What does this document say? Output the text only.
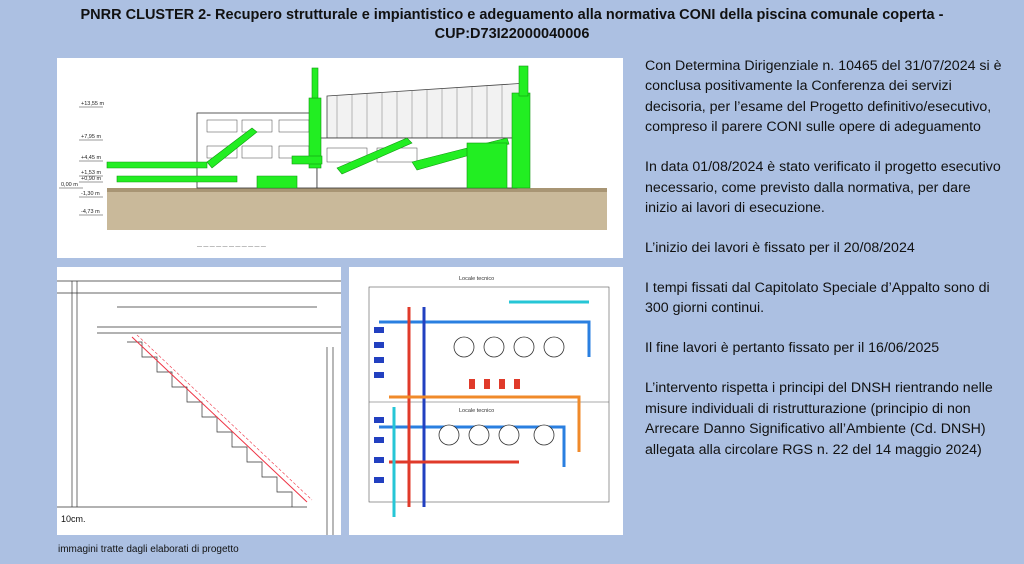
PNRR CLUSTER 2- Recupero strutturale e impiantistico e adeguamento alla normativa CONI della piscina comunale coperta -
CUP:D73I22000040006
+13,55 m
+7,95 m
+4,45 m
+1,53 m
+0,90 m
0,00 m
-1,30 m
-4,73 m
— — — — — — — — — — —
10cm.
Locale tecnico
Locale tecnico
immagini tratte dagli elaborati di progetto

Con Determina Dirigenziale n. 10465 del 31/07/2024 si è conclusa positivamente la Conferenza dei servizi decisoria, per l’esame del Progetto definitivo/esecutivo, compreso il parere CONI sulle opere di adeguamento

In data 01/08/2024 è stato verificato il progetto esecutivo necessario, come previsto dalla normativa, per dare inizio ai lavori di esecuzione.

L’inizio dei lavori è fissato per il 20/08/2024

I tempi fissati dal Capitolato Speciale d’Appalto sono di 300 giorni continui.

Il fine lavori è pertanto fissato per il 16/06/2025

L’intervento rispetta i principi del DNSH rientrando nelle misure individuali di ristrutturazione (principio di non Arrecare Danno Significativo all’Ambiente (Cd. DNSH) allegata alla circolare RGS n. 22 del 14 maggio 2024)
